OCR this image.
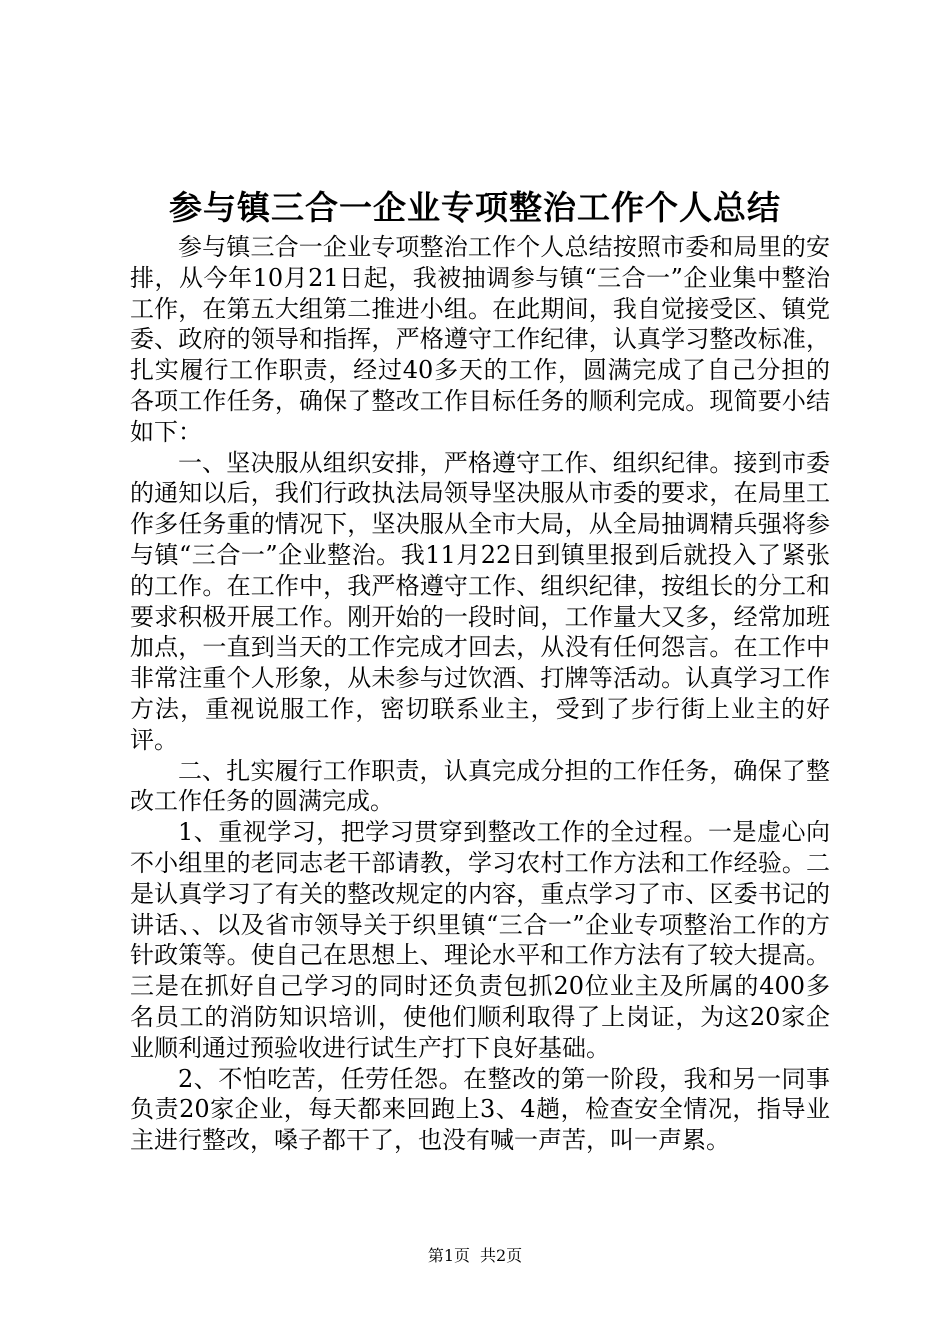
参与镇三合一企业专项整治工作个人总结

参与镇三合一企业专项整治工作个人总结按照市委和局里的安排，从今年10月21日起，我被抽调参与镇“三合一”企业集中整治工作，在第五大组第二推进小组。在此期间，我自觉接受区、镇党委、政府的领导和指挥，严格遵守工作纪律，认真学习整改标准，扎实履行工作职责，经过40多天的工作，圆满完成了自己分担的各项工作任务，确保了整改工作目标任务的顺利完成。现简要小结如下：

一、坚决服从组织安排，严格遵守工作、组织纪律。接到市委的通知以后，我们行政执法局领导坚决服从市委的要求，在局里工作多任务重的情况下，坚决服从全市大局，从全局抽调精兵强将参与镇“三合一”企业整治。我11月22日到镇里报到后就投入了紧张的工作。在工作中，我严格遵守工作、组织纪律，按组长的分工和要求积极开展工作。刚开始的一段时间，工作量大又多，经常加班加点，一直到当天的工作完成才回去，从没有任何怨言。在工作中非常注重个人形象，从未参与过饮酒、打牌等活动。认真学习工作方法，重视说服工作，密切联系业主，受到了步行街上业主的好评。

二、扎实履行工作职责，认真完成分担的工作任务，确保了整改工作任务的圆满完成。

1、重视学习，把学习贯穿到整改工作的全过程。一是虚心向不小组里的老同志老干部请教，学习农村工作方法和工作经验。二是认真学习了有关的整改规定的内容，重点学习了市、区委书记的讲话、、以及省市领导关于织里镇“三合一”企业专项整治工作的方针政策等。使自己在思想上、理论水平和工作方法有了较大提高。三是在抓好自己学习的同时还负责包抓20位业主及所属的400多名员工的消防知识培训，使他们顺利取得了上岗证，为这20家企业顺利通过预验收进行试生产打下良好基础。

2、不怕吃苦，任劳任怨。在整改的第一阶段，我和另一同事负责20家企业，每天都来回跑上3、4趟，检查安全情况，指导业主进行整改，嗓子都干了，也没有喊一声苦，叫一声累。

第1页 共2页
